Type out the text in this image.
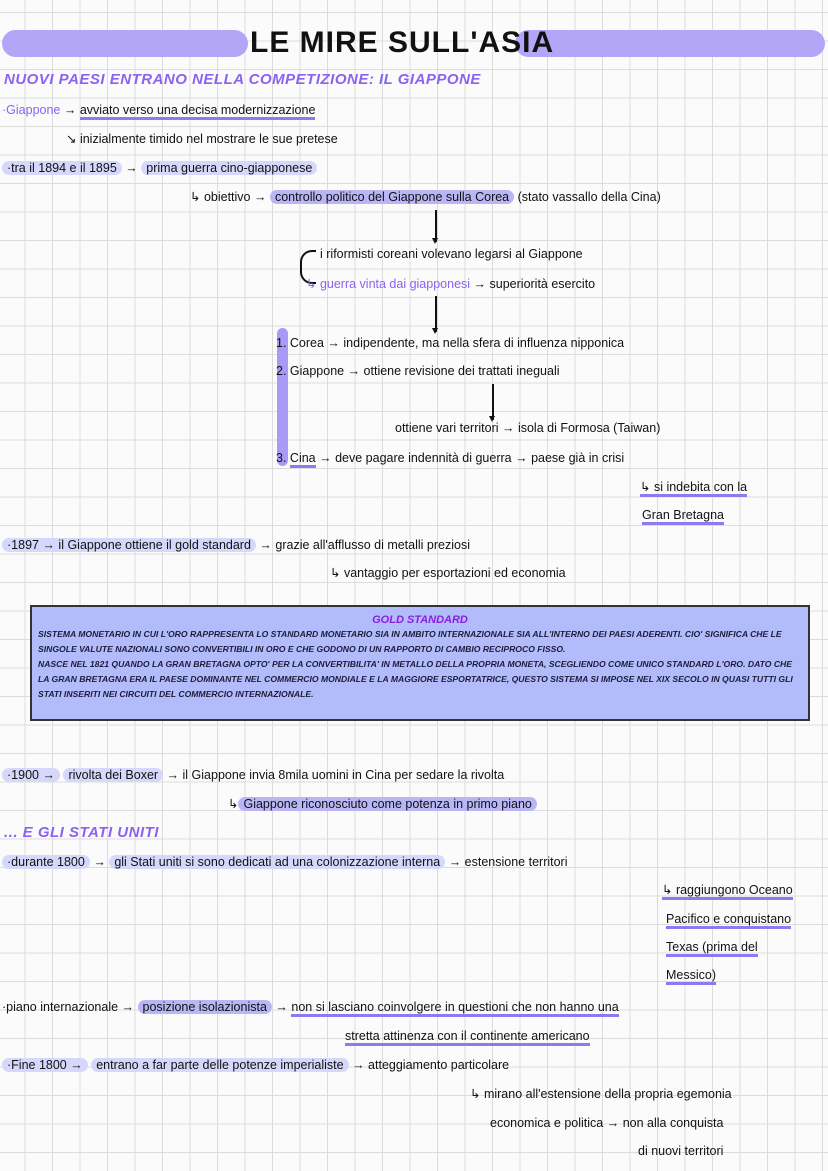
LE MIRE SULL'ASIA
NUOVI PAESI ENTRANO NELLA COMPETIZIONE: IL GIAPPONE
·Giappone → avviato verso una decisa modernizzazione
↘ inizialmente timido nel mostrare le sue pretese
·tra il 1894 e il 1895 → prima guerra cino-giapponese
↳ obiettivo → controllo politico del Giappone sulla Corea (stato vassallo della Cina)
i riformisti coreani volevano legarsi al Giappone
↳ guerra vinta dai giapponesi → superiorità esercito
1. Corea → indipendente, ma nella sfera di influenza nipponica
2. Giappone → ottiene revisione dei trattati ineguali
ottiene vari territori → isola di Formosa (Taiwan)
3. Cina → deve pagare indennità di guerra → paese già in crisi
↳ si indebita con la
Gran Bretagna
·1897 → il Giappone ottiene il gold standard → grazie all'afflusso di metalli preziosi
↳ vantaggio per esportazioni ed economia
GOLD STANDARD
SISTEMA MONETARIO IN CUI L'ORO RAPPRESENTA LO STANDARD MONETARIO SIA IN AMBITO INTERNAZIONALE SIA ALL'INTERNO DEI PAESI ADERENTI. CIO' SIGNIFICA CHE LE SINGOLE VALUTE NAZIONALI SONO CONVERTIBILI IN ORO E CHE GODONO DI UN RAPPORTO DI CAMBIO RECIPROCO FISSO.
NASCE NEL 1821 QUANDO LA GRAN BRETAGNA OPTO' PER LA CONVERTIBILITA' IN METALLO DELLA PROPRIA MONETA, SCEGLIENDO COME UNICO STANDARD L'ORO. DATO CHE LA GRAN BRETAGNA ERA IL PAESE DOMINANTE NEL COMMERCIO MONDIALE E LA MAGGIORE ESPORTATRICE, QUESTO SISTEMA SI IMPOSE NEL XIX SECOLO IN QUASI TUTTI GLI STATI INSERITI NEI CIRCUITI DEL COMMERCIO INTERNAZIONALE.
·1900 → rivolta dei Boxer → il Giappone invia 8mila uomini in Cina per sedare la rivolta
↳ Giappone riconosciuto come potenza in primo piano
... E GLI STATI UNITI
·durante 1800 → gli Stati uniti si sono dedicati ad una colonizzazione interna → estensione territori
↳ raggiungono Oceano
Pacifico e conquistano
Texas (prima del
Messico)
·piano internazionale → posizione isolazionista → non si lasciano coinvolgere in questioni che non hanno una
stretta attinenza con il continente americano
·Fine 1800 → entrano a far parte delle potenze imperialiste → atteggiamento particolare
↳ mirano all'estensione della propria egemonia
economica e politica → non alla conquista
di nuovi territori
